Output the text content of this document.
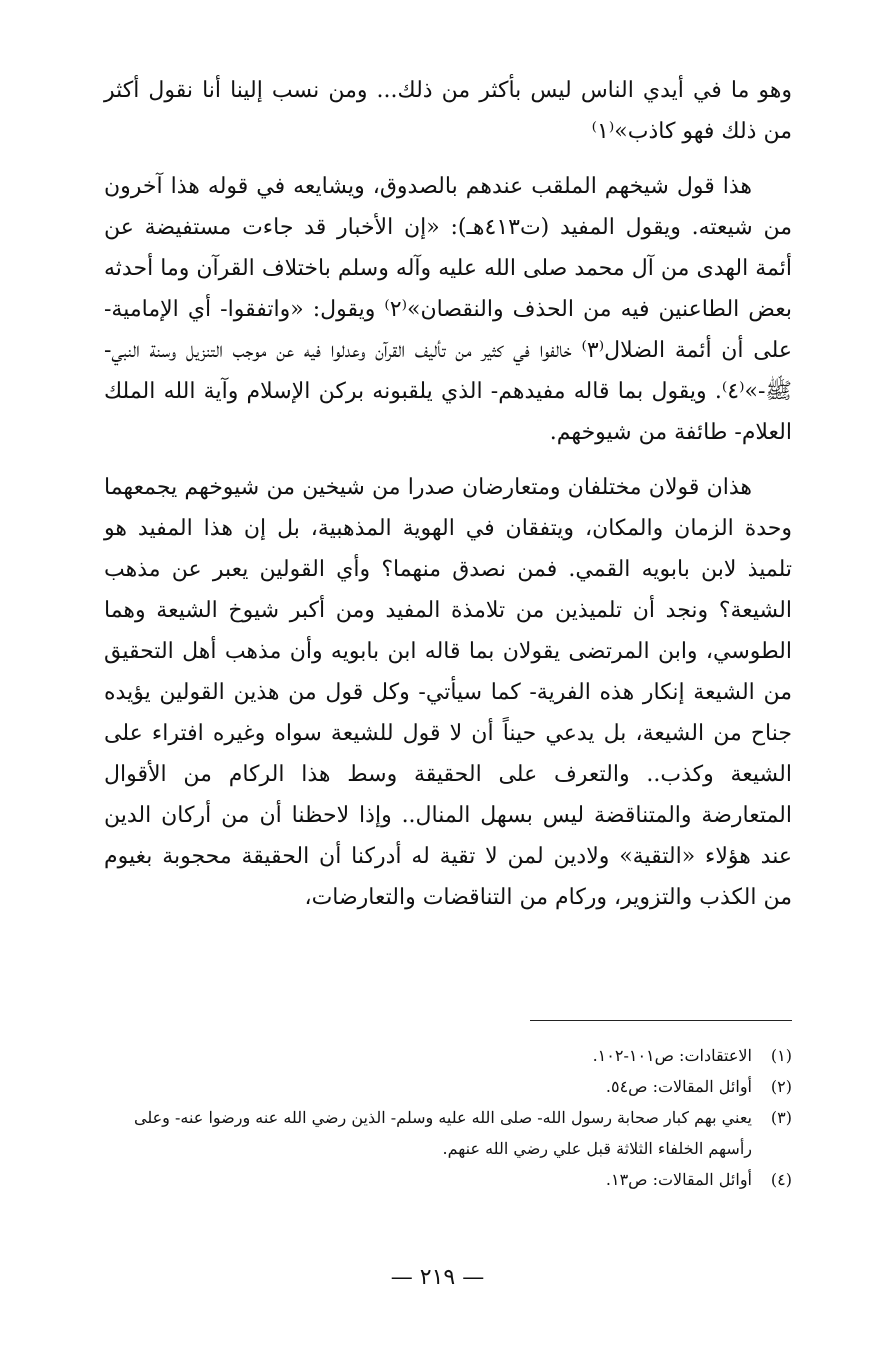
وهو ما في أيدي الناس ليس بأكثر من ذلك... ومن نسب إلينا أنا نقول أكثر من ذلك فهو كاذب»⁽١⁾

هذا قول شيخهم الملقب عندهم بالصدوق، ويشايعه في قوله هذا آخرون من شيعته. ويقول المفيد (ت٤١٣هـ): «إن الأخبار قد جاءت مستفيضة عن أئمة الهدى من آل محمد صلى الله عليه وآله وسلم باختلاف القرآن وما أحدثه بعض الطاعنين فيه من الحذف والنقصان»⁽٢⁾ ويقول: «واتفقوا- أي الإمامية- على أن أئمة الضلال⁽٣⁾ خالفوا في كثير من تأليف القرآن وعدلوا فيه عن موجب التنزيل وسنة النبي- ﷺ-»⁽٤⁾. ويقول بما قاله مفيدهم- الذي يلقبونه بركن الإسلام وآية الله الملك العلام- طائفة من شيوخهم.

هذان قولان مختلفان ومتعارضان صدرا من شيخين من شيوخهم يجمعهما وحدة الزمان والمكان، ويتفقان في الهوية المذهبية، بل إن هذا المفيد هو تلميذ لابن بابويه القمي. فمن نصدق منهما؟ وأي القولين يعبر عن مذهب الشيعة؟ ونجد أن تلميذين من تلامذة المفيد ومن أكبر شيوخ الشيعة وهما الطوسي، وابن المرتضى يقولان بما قاله ابن بابويه وأن مذهب أهل التحقيق من الشيعة إنكار هذه الفرية- كما سيأتي- وكل قول من هذين القولين يؤيده جناح من الشيعة، بل يدعي حيناً أن لا قول للشيعة سواه وغيره افتراء على الشيعة وكذب.. والتعرف على الحقيقة وسط هذا الركام من الأقوال المتعارضة والمتناقضة ليس بسهل المنال.. وإذا لاحظنا أن من أركان الدين عند هؤلاء «التقية» ولادين لمن لا تقية له أدركنا أن الحقيقة محجوبة بغيوم من الكذب والتزوير، وركام من التناقضات والتعارضات،

(١)
الاعتقادات: ص١٠١-١٠٢.
(٢)
أوائل المقالات: ص٥٤.
(٣)
يعني بهم كبار صحابة رسول الله- صلى الله عليه وسلم- الذين رضي الله عنه ورضوا عنه- وعلى رأسهم الخلفاء الثلاثة قبل علي رضي الله عنهم.
(٤)
أوائل المقالات: ص١٣.
— ٢١٩ —
